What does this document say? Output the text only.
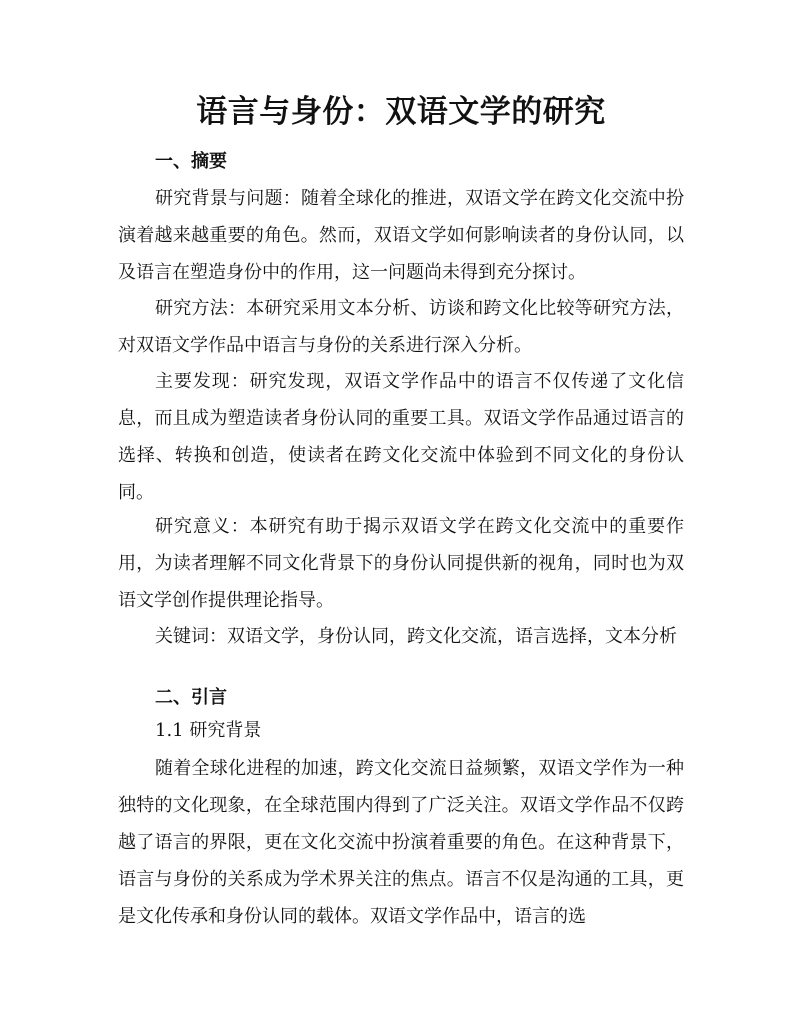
语言与身份：双语文学的研究
一、摘要

研究背景与问题：随着全球化的推进，双语文学在跨文化交流中扮演着越来越重要的角色。然而，双语文学如何影响读者的身份认同，以及语言在塑造身份中的作用，这一问题尚未得到充分探讨。

研究方法：本研究采用文本分析、访谈和跨文化比较等研究方法，对双语文学作品中语言与身份的关系进行深入分析。

主要发现：研究发现，双语文学作品中的语言不仅传递了文化信息，而且成为塑造读者身份认同的重要工具。双语文学作品通过语言的选择、转换和创造，使读者在跨文化交流中体验到不同文化的身份认同。

研究意义：本研究有助于揭示双语文学在跨文化交流中的重要作用，为读者理解不同文化背景下的身份认同提供新的视角，同时也为双语文学创作提供理论指导。

关键词：双语文学，身份认同，跨文化交流，语言选择，文本分析

二、引言
1.1 研究背景

随着全球化进程的加速，跨文化交流日益频繁，双语文学作为一种独特的文化现象，在全球范围内得到了广泛关注。双语文学作品不仅跨越了语言的界限，更在文化交流中扮演着重要的角色。在这种背景下，语言与身份的关系成为学术界关注的焦点。语言不仅是沟通的工具，更是文化传承和身份认同的载体。双语文学作品中，语言的选
